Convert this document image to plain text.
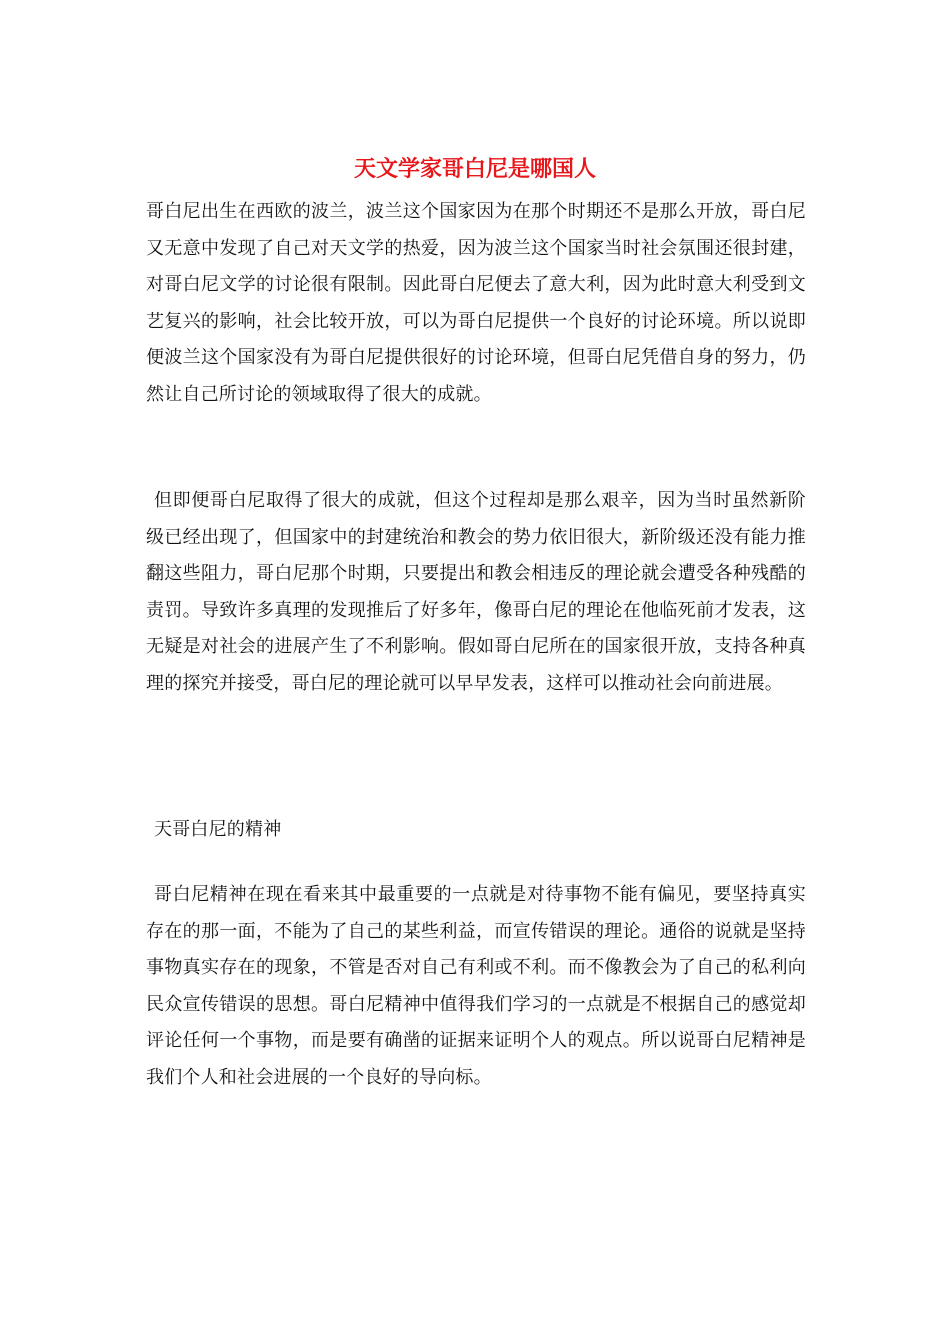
天文学家哥白尼是哪国人

哥白尼出生在西欧的波兰，波兰这个国家因为在那个时期还不是那么开放，哥白尼又无意中发现了自己对天文学的热爱，因为波兰这个国家当时社会氛围还很封建，对哥白尼文学的讨论很有限制。因此哥白尼便去了意大利，因为此时意大利受到文艺复兴的影响，社会比较开放，可以为哥白尼提供一个良好的讨论环境。所以说即便波兰这个国家没有为哥白尼提供很好的讨论环境，但哥白尼凭借自身的努力，仍然让自己所讨论的领域取得了很大的成就。

但即便哥白尼取得了很大的成就，但这个过程却是那么艰辛，因为当时虽然新阶级已经出现了，但国家中的封建统治和教会的势力依旧很大，新阶级还没有能力推翻这些阻力，哥白尼那个时期，只要提出和教会相违反的理论就会遭受各种残酷的责罚。导致许多真理的发现推后了好多年，像哥白尼的理论在他临死前才发表，这无疑是对社会的进展产生了不利影响。假如哥白尼所在的国家很开放，支持各种真理的探究并接受，哥白尼的理论就可以早早发表，这样可以推动社会向前进展。

天哥白尼的精神

哥白尼精神在现在看来其中最重要的一点就是对待事物不能有偏见，要坚持真实存在的那一面，不能为了自己的某些利益，而宣传错误的理论。通俗的说就是坚持事物真实存在的现象，不管是否对自己有利或不利。而不像教会为了自己的私利向民众宣传错误的思想。哥白尼精神中值得我们学习的一点就是不根据自己的感觉却评论任何一个事物，而是要有确凿的证据来证明个人的观点。所以说哥白尼精神是我们个人和社会进展的一个良好的导向标。
